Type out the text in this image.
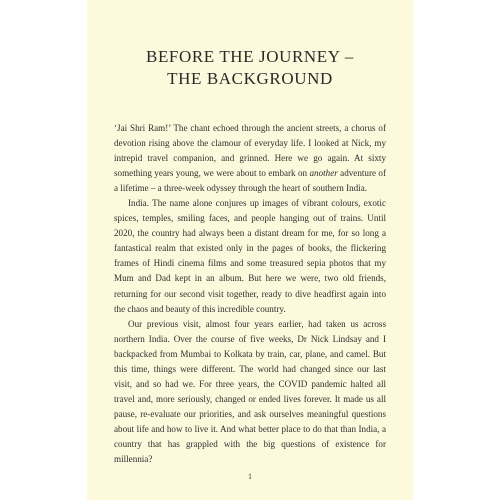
BEFORE THE JOURNEY –
THE BACKGROUND

‘Jai Shri Ram!’ The chant echoed through the ancient streets, a chorus of devotion rising above the clamour of everyday life. I looked at Nick, my intrepid travel companion, and grinned. Here we go again. At sixty something years young, we were about to embark on another adventure of a lifetime – a three-week odyssey through the heart of southern India.

India. The name alone conjures up images of vibrant colours, exotic spices, temples, smiling faces, and people hanging out of trains. Until 2020, the country had always been a distant dream for me, for so long a fantastical realm that existed only in the pages of books, the flickering frames of Hindi cinema films and some treasured sepia photos that my Mum and Dad kept in an album. But here we were, two old friends, returning for our second visit together, ready to dive headfirst again into the chaos and beauty of this incredible country.

Our previous visit, almost four years earlier, had taken us across northern India. Over the course of five weeks, Dr Nick Lindsay and I backpacked from Mumbai to Kolkata by train, car, plane, and camel. But this time, things were different. The world had changed since our last visit, and so had we. For three years, the COVID pandemic halted all travel and, more seriously, changed or ended lives forever. It made us all pause, re-evaluate our priorities, and ask ourselves meaningful questions about life and how to live it. And what better place to do that than India, a country that has grappled with the big questions of existence for millennia?

1
